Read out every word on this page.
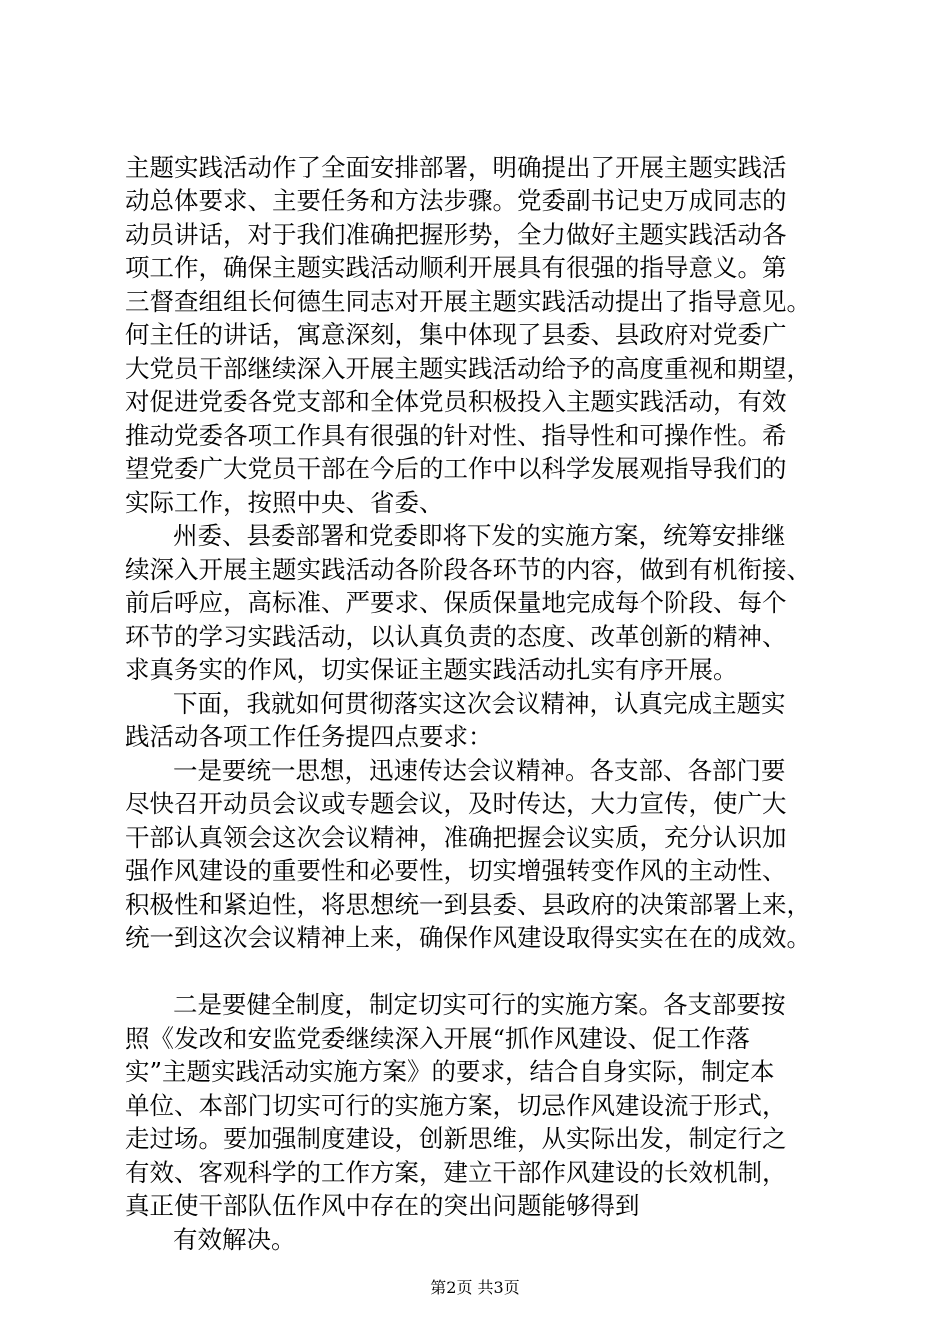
主题实践活动作了全面安排部署，明确提出了开展主题实践活
动总体要求、主要任务和方法步骤。党委副书记史万成同志的
动员讲话，对于我们准确把握形势，全力做好主题实践活动各
项工作，确保主题实践活动顺利开展具有很强的指导意义。第
三督查组组长何德生同志对开展主题实践活动提出了指导意见。
何主任的讲话，寓意深刻，集中体现了县委、县政府对党委广
大党员干部继续深入开展主题实践活动给予的高度重视和期望，
对促进党委各党支部和全体党员积极投入主题实践活动，有效
推动党委各项工作具有很强的针对性、指导性和可操作性。希
望党委广大党员干部在今后的工作中以科学发展观指导我们的
实际工作，按照中央、省委、
州委、县委部署和党委即将下发的实施方案，统筹安排继
续深入开展主题实践活动各阶段各环节的内容，做到有机衔接、
前后呼应，高标准、严要求、保质保量地完成每个阶段、每个
环节的学习实践活动，以认真负责的态度、改革创新的精神、
求真务实的作风，切实保证主题实践活动扎实有序开展。
下面，我就如何贯彻落实这次会议精神，认真完成主题实
践活动各项工作任务提四点要求：
一是要统一思想，迅速传达会议精神。各支部、各部门要
尽快召开动员会议或专题会议，及时传达，大力宣传，使广大
干部认真领会这次会议精神，准确把握会议实质，充分认识加
强作风建设的重要性和必要性，切实增强转变作风的主动性、
积极性和紧迫性，将思想统一到县委、县政府的决策部署上来，
统一到这次会议精神上来，确保作风建设取得实实在在的成效。
二是要健全制度，制定切实可行的实施方案。各支部要按
照《发改和安监党委继续深入开展“抓作风建设、促工作落
实”主题实践活动实施方案》的要求，结合自身实际，制定本
单位、本部门切实可行的实施方案，切忌作风建设流于形式，
走过场。要加强制度建设，创新思维，从实际出发，制定行之
有效、客观科学的工作方案，建立干部作风建设的长效机制，
真正使干部队伍作风中存在的突出问题能够得到
有效解决。
第2页 共3页
